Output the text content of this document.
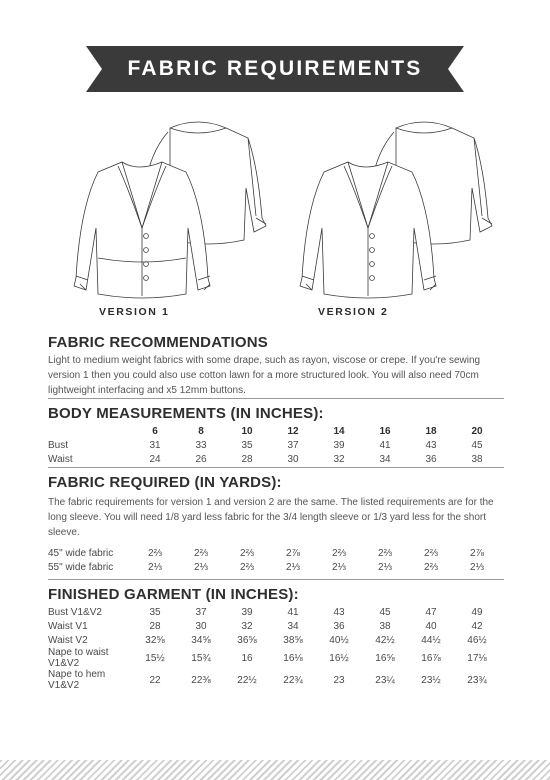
FABRIC REQUIREMENTS
VERSION 1	VERSION 2
FABRIC RECOMMENDATIONS

Light to medium weight fabrics with some drape, such as rayon, viscose or crepe. If you're sewing version 1 then you could also use cotton lawn for a more structured look. You will also need 70cm lightweight interfacing and x5 12mm buttons.

BODY MEASUREMENTS (IN INCHES):
	6	8	10	12	14	16	18	20
Bust	31	33	35	37	39	41	43	45
Waist	24	26	28	30	32	34	36	38
FABRIC REQUIRED (IN YARDS):

The fabric requirements for version 1 and version 2 are the same. The listed requirements are for the long sleeve. You will need 1/8 yard less fabric for the 3/4 length sleeve or 1/3 yard less for the short sleeve.

45" wide fabric	2⅔	2⅔	2⅔	2⅞	2⅔	2⅔	2⅔	2⅞
55" wide fabric	2⅓	2⅓	2⅔	2⅓	2⅓	2⅓	2⅔	2⅓
FINISHED GARMENT (IN INCHES):
Bust V1&V2	35	37	39	41	43	45	47	49
Waist V1	28	30	32	34	36	38	40	42
Waist V2	32⅝	34⅝	36⅝	38⅝	40½	42½	44½	46½
Nape to waist V1&V2	15½	15¾	16	16⅛	16½	16⅝	16⅞	17⅛
Nape to hem V1&V2	22	22⅜	22½	22¾	23	23¼	23½	23¾
